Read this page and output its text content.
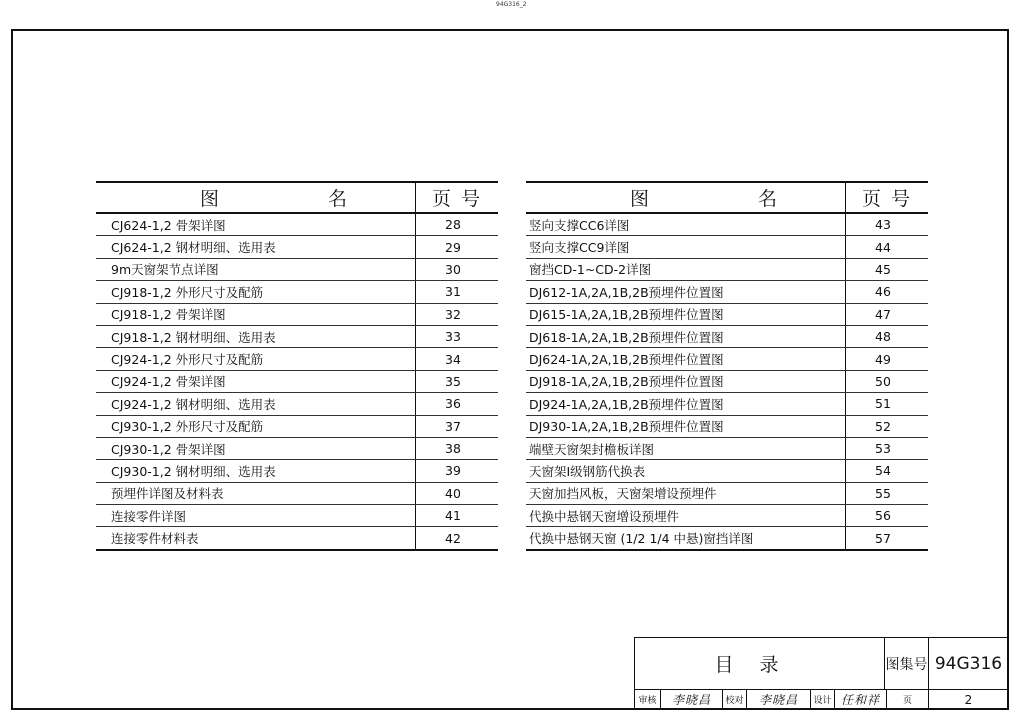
94G316_2
图 名	页 号

CJ624-1,2 骨架详图	28
CJ624-1,2 钢材明细、选用表	29
9m天窗架节点详图	30
CJ918-1,2 外形尺寸及配筋	31
CJ918-1,2 骨架详图	32
CJ918-1,2 钢材明细、选用表	33
CJ924-1,2 外形尺寸及配筋	34
CJ924-1,2 骨架详图	35
CJ924-1,2 钢材明细、选用表	36
CJ930-1,2 外形尺寸及配筋	37
CJ930-1,2 骨架详图	38
CJ930-1,2 钢材明细、选用表	39
预埋件详图及材料表	40
连接零件详图	41
连接零件材料表	42
图 名	页 号

竖向支撑CC6详图	43
竖向支撑CC9详图	44
窗挡CD-1~CD-2详图	45
DJ612-1A,2A,1B,2B预埋件位置图	46
DJ615-1A,2A,1B,2B预埋件位置图	47
DJ618-1A,2A,1B,2B预埋件位置图	48
DJ624-1A,2A,1B,2B预埋件位置图	49
DJ918-1A,2A,1B,2B预埋件位置图	50
DJ924-1A,2A,1B,2B预埋件位置图	51
DJ930-1A,2A,1B,2B预埋件位置图	52
端壁天窗架封檐板详图	53
天窗架I级钢筋代换表	54
天窗加挡风板，天窗架增设预埋件	55
代换中悬钢天窗增设预埋件	56
代换中悬钢天窗 (1/2 1/4 中悬)窗挡详图	57
目录	图集号 94G316
审核	李晓昌	校对	李晓昌	设计 任和祥	页	2
